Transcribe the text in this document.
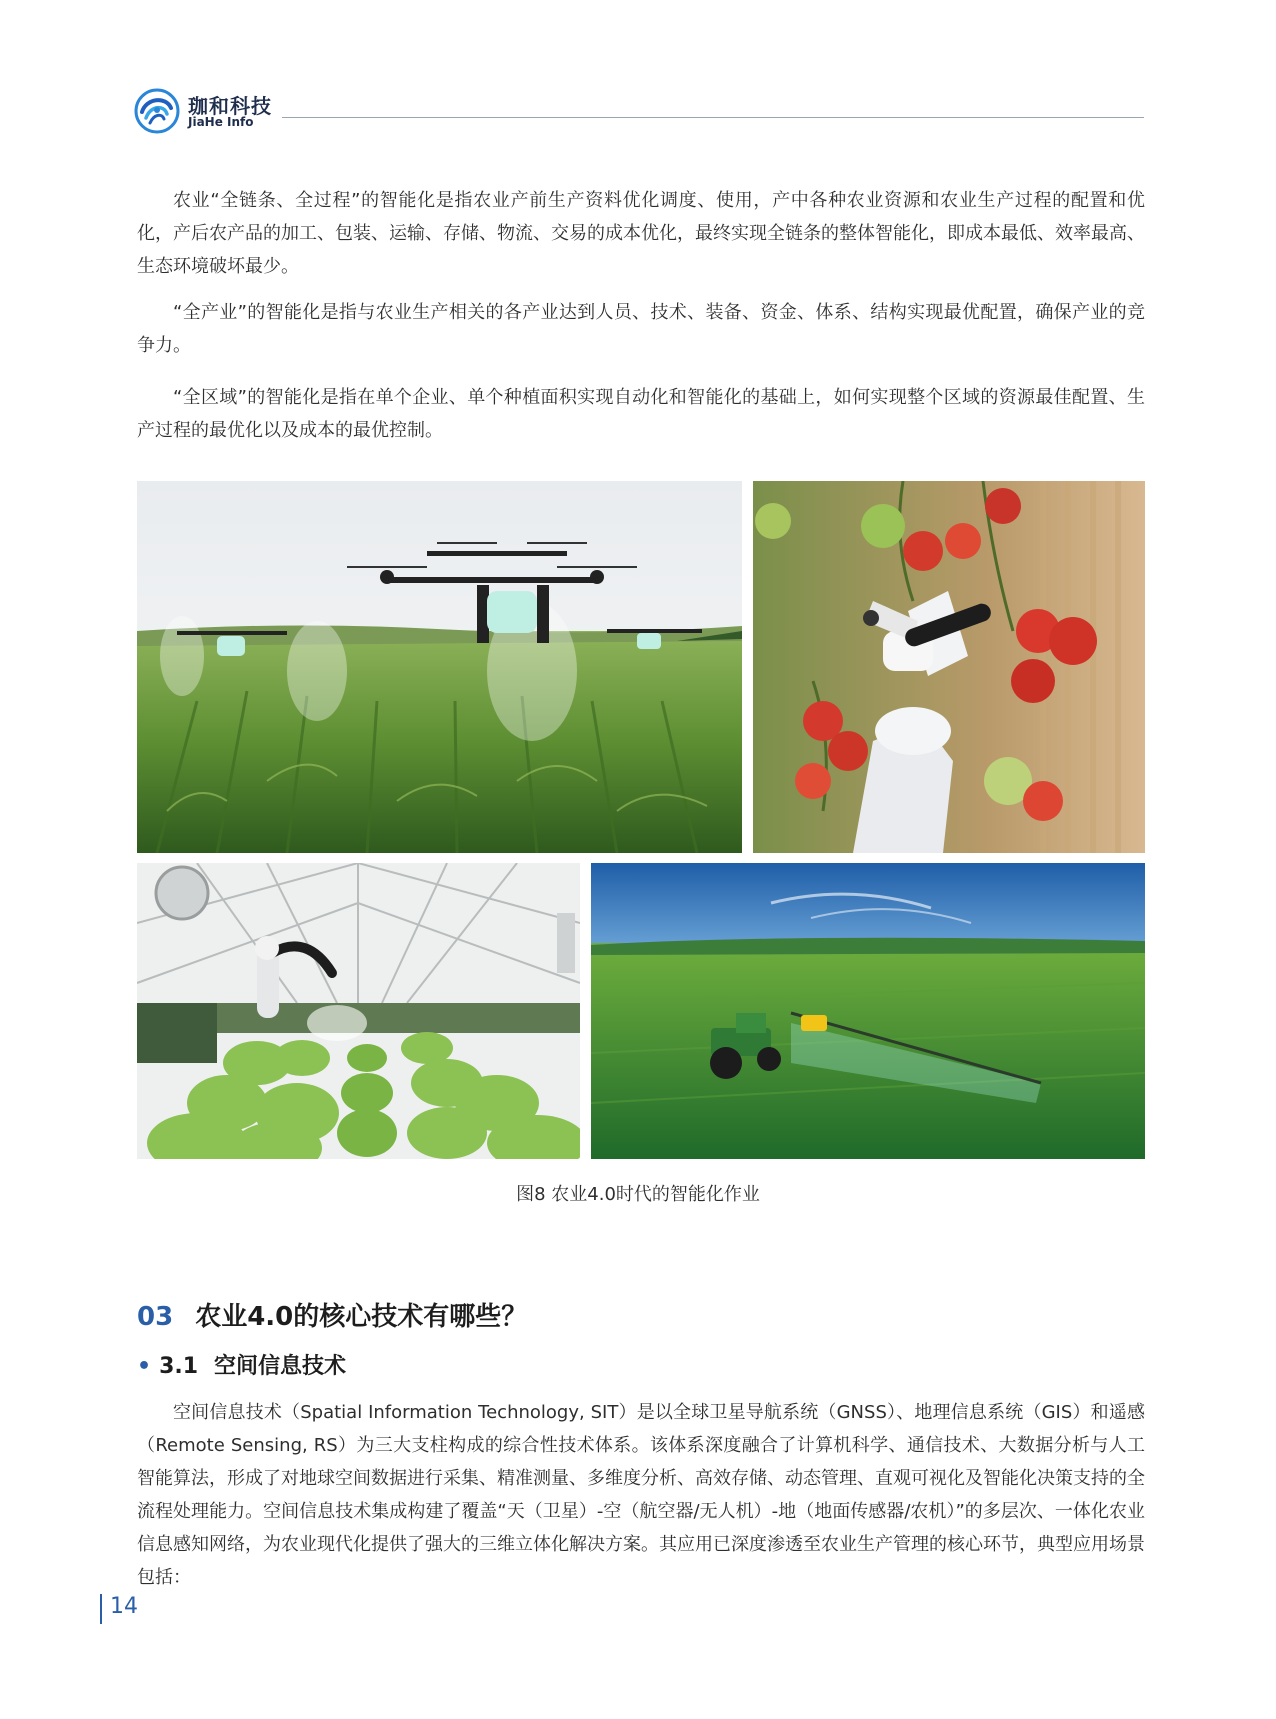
珈和科技
JiaHe Info

农业“全链条、全过程”的智能化是指农业产前生产资料优化调度、使用，产中各种农业资源和农业生产过程的配置和优化，产后农产品的加工、包装、运输、存储、物流、交易的成本优化，最终实现全链条的整体智能化，即成本最低、效率最高、生态环境破坏最少。

“全产业”的智能化是指与农业生产相关的各产业达到人员、技术、装备、资金、体系、结构实现最优配置，确保产业的竞争力。

“全区域”的智能化是指在单个企业、单个种植面积实现自动化和智能化的基础上，如何实现整个区域的资源最佳配置、生产过程的最优化以及成本的最优控制。

图8 农业4.0时代的智能化作业
03 农业4.0的核心技术有哪些？
• 3.1 空间信息技术

空间信息技术（Spatial Information Technology, SIT）是以全球卫星导航系统（GNSS）、地理信息系统（GIS）和遥感（Remote Sensing, RS）为三大支柱构成的综合性技术体系。该体系深度融合了计算机科学、通信技术、大数据分析与人工智能算法，形成了对地球空间数据进行采集、精准测量、多维度分析、高效存储、动态管理、直观可视化及智能化决策支持的全流程处理能力。空间信息技术集成构建了覆盖“天（卫星）-空（航空器/无人机）-地（地面传感器/农机）”的多层次、一体化农业信息感知网络，为农业现代化提供了强大的三维立体化解决方案。其应用已深度渗透至农业生产管理的核心环节，典型应用场景包括：

14
